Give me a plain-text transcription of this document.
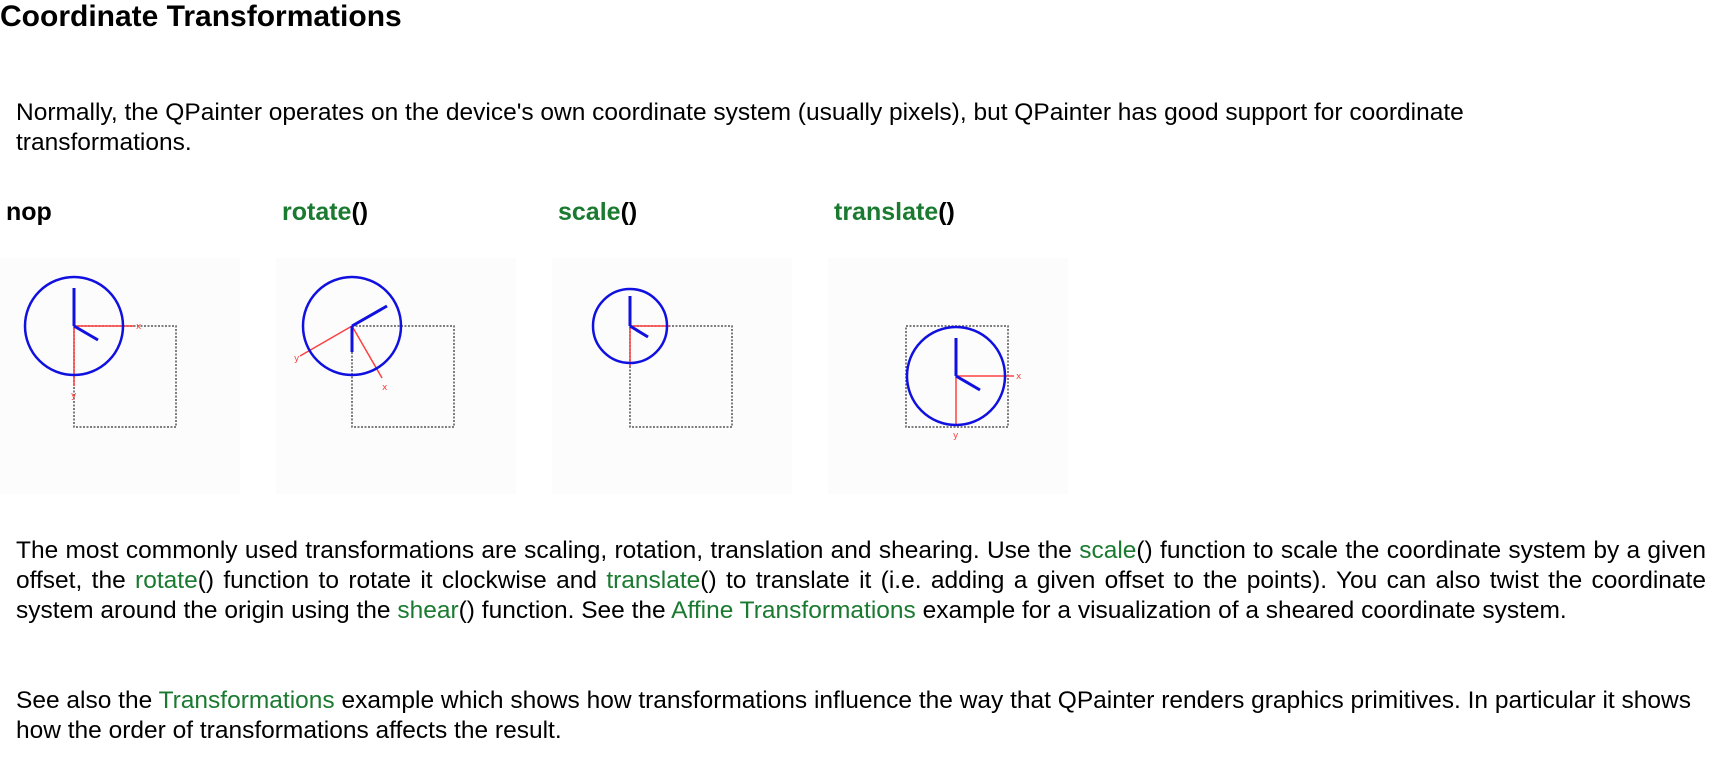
Coordinate Transformations

Normally, the QPainter operates on the device's own coordinate system (usually pixels), but QPainter has good support for coordinate transformations.

nop	rotate()	scale()	translate()
x
y
x
y
x
y

The most commonly used transformations are scaling, rotation, translation and shearing. Use the scale() function to scale the coordinate system by a given offset, the rotate() function to rotate it clockwise and translate() to translate it (i.e. adding a given offset to the points). You can also twist the coordinate system around the origin using the shear() function. See the Affine Transformations example for a visualization of a sheared coordinate system.

See also the Transformations example which shows how transformations influence the way that QPainter renders graphics primitives. In particular it shows how the order of transformations affects the result.
